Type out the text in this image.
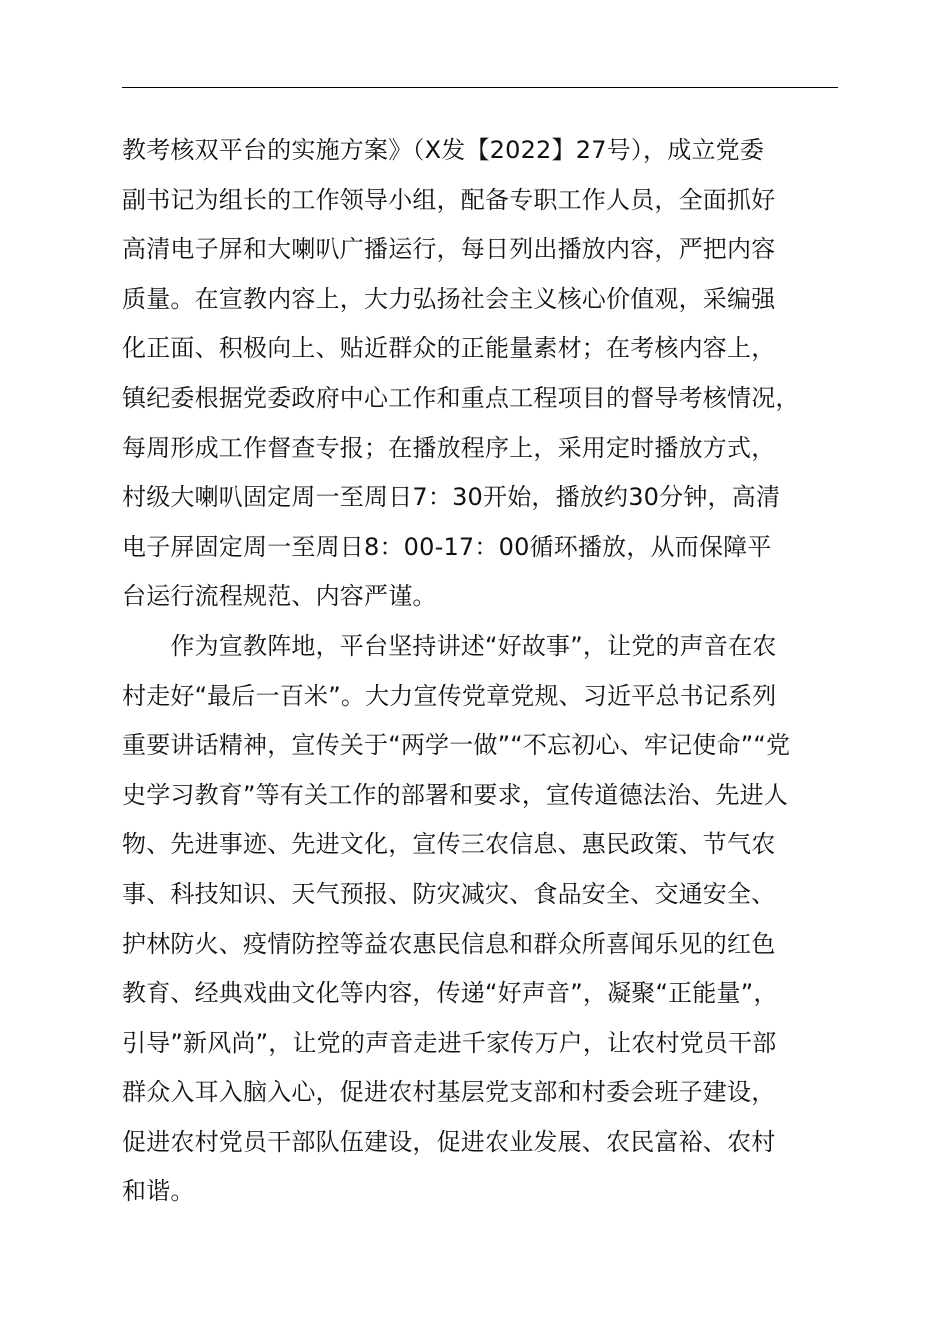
教考核双平台的实施方案》（X发【2022】27号），成立党委
副书记为组长的工作领导小组，配备专职工作人员，全面抓好
高清电子屏和大喇叭广播运行，每日列出播放内容，严把内容
质量。在宣教内容上，大力弘扬社会主义核心价值观，采编强
化正面、积极向上、贴近群众的正能量素材；在考核内容上，
镇纪委根据党委政府中心工作和重点工程项目的督导考核情况，
每周形成工作督查专报；在播放程序上，采用定时播放方式，
村级大喇叭固定周一至周日7：30开始，播放约30分钟，高清
电子屏固定周一至周日8：00-17：00循环播放，从而保障平
台运行流程规范、内容严谨。
　　作为宣教阵地，平台坚持讲述“好故事”，让党的声音在农
村走好“最后一百米”。大力宣传党章党规、习近平总书记系列
重要讲话精神，宣传关于“两学一做”“不忘初心、牢记使命”“党
史学习教育”等有关工作的部署和要求，宣传道德法治、先进人
物、先进事迹、先进文化，宣传三农信息、惠民政策、节气农
事、科技知识、天气预报、防灾减灾、食品安全、交通安全、
护林防火、疫情防控等益农惠民信息和群众所喜闻乐见的红色
教育、经典戏曲文化等内容，传递“好声音”，凝聚“正能量”，
引导”新风尚”，让党的声音走进千家传万户，让农村党员干部
群众入耳入脑入心，促进农村基层党支部和村委会班子建设，
促进农村党员干部队伍建设，促进农业发展、农民富裕、农村
和谐。
